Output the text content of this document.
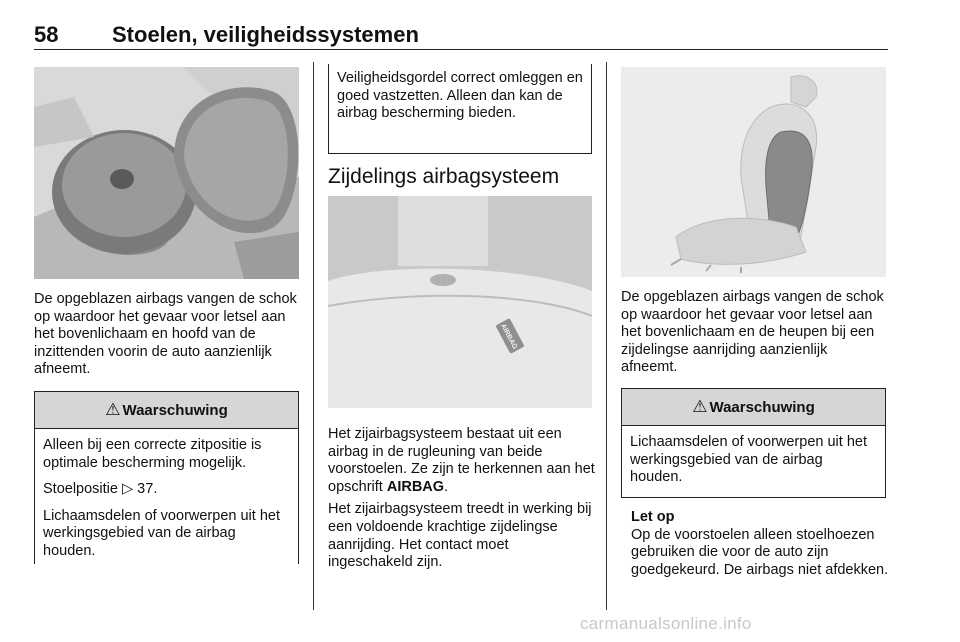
58 Stoelen, veiligheidssystemen

De opgeblazen airbags vangen de schok op waardoor het gevaar voor letsel aan het bovenlichaam en hoofd van de inzittenden voorin de auto aanzienlijk afneemt.

⚠ Waarschuwing

Alleen bij een correcte zitpositie is optimale bescherming mogelijk.

Stoelpositie ▷ 37.

Lichaamsdelen of voorwerpen uit het werkingsgebied van de airbag houden.

Veiligheidsgordel correct omleggen en goed vastzetten. Alleen dan kan de airbag bescherming bieden.
Zijdelings airbagsysteem
AIRBAG

Het zijairbagsysteem bestaat uit een airbag in de rugleuning van beide voorstoelen. Ze zijn te herkennen aan het opschrift AIRBAG.

Het zijairbagsysteem treedt in werking bij een voldoende krachtige zijdelingse aanrijding. Het contact moet ingeschakeld zijn.

De opgeblazen airbags vangen de schok op waardoor het gevaar voor letsel aan het bovenlichaam en de heupen bij een zijdelingse aanrijding aanzienlijk afneemt.

⚠ Waarschuwing

Lichaamsdelen of voorwerpen uit het werkingsgebied van de airbag houden.

Let op
Op de voorstoelen alleen stoelhoezen gebruiken die voor de auto zijn goedgekeurd. De airbags niet afdekken.
carmanualsonline.info
